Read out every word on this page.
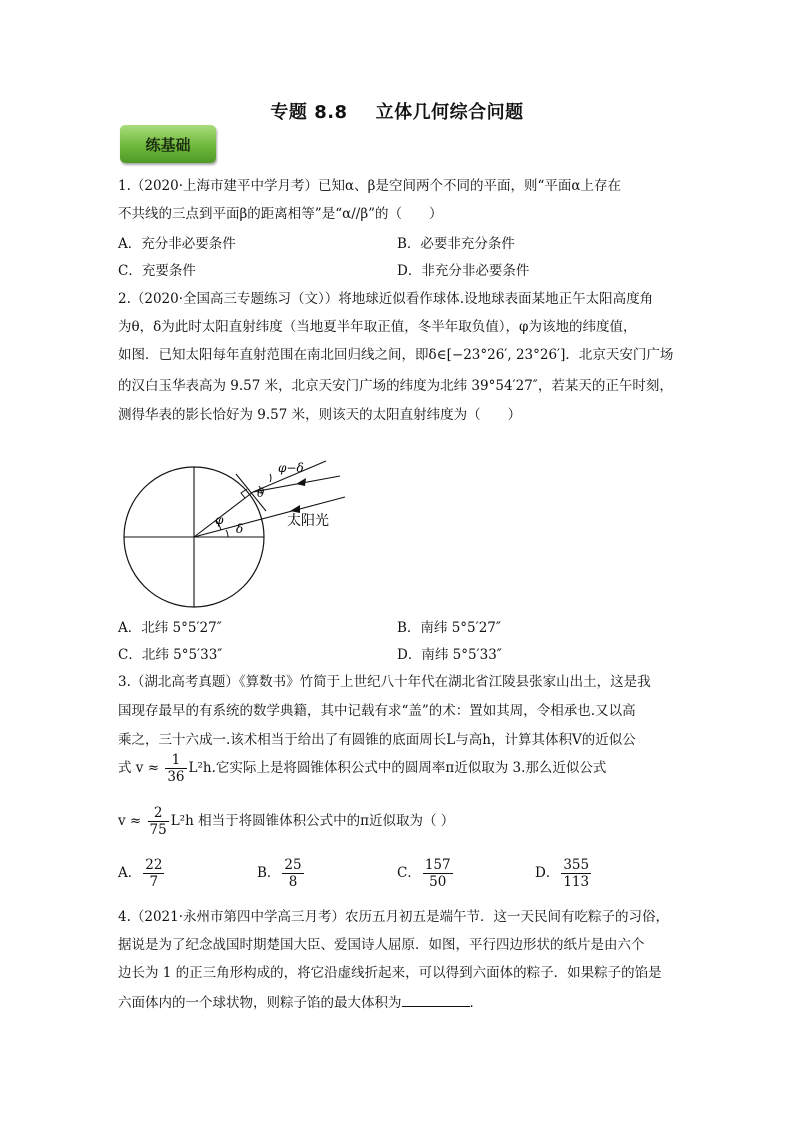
专题 8.8 立体几何综合问题
练基础
1.（2020·上海市建平中学月考）已知α、β是空间两个不同的平面，则“平面α上存在
不共线的三点到平面β的距离相等”是“α//β”的（　　）
A．充分非必要条件	B．必要非充分条件
C．充要条件	D．非充分非必要条件
2.（2020·全国高三专题练习（文））将地球近似看作球体.设地球表面某地正午太阳高度角
为θ，δ为此时太阳直射纬度（当地夏半年取正值，冬半年取负值），φ为该地的纬度值，
如图．已知太阳每年直射范围在南北回归线之间，即δ∈[−23°26′, 23°26′]．北京天安门广场
的汉白玉华表高为 9.57 米，北京天安门广场的纬度为北纬 39°54′27″，若某天的正午时刻，
测得华表的影长恰好为 9.57 米，则该天的太阳直射纬度为（　　）
φ−δ
θ
φ
δ	太阳光
A．北纬 5°5′27″	B．南纬 5°5′27″
C．北纬 5°5′33″	D．南纬 5°5′33″
3.（湖北高考真题）《算数书》竹简于上世纪八十年代在湖北省江陵县张家山出土，这是我
国现存最早的有系统的数学典籍，其中记载有求“盖”的术：置如其周，令相承也.又以高
乘之，三十六成一.该术相当于给出了有圆锥的底面周长L与高h，计算其体积V的近似公
式 $v \approx \frac{1}{36} L^2h$.它实际上是将圆锥体积公式中的圆周率π近似取为 3.那么近似公式
$v \approx \frac{2}{75} L^2h$ 相当于将圆锥体积公式中的π近似取为（ ）
A． $\frac{22}{7}$	B． $\frac{25}{8}$	C． $\frac{157}{50}$	D． $\frac{355}{113}$
4.（2021·永州市第四中学高三月考）农历五月初五是端午节．这一天民间有吃粽子的习俗，
据说是为了纪念战国时期楚国大臣、爱国诗人屈原．如图，平行四边形状的纸片是由六个
边长为 1 的正三角形构成的，将它沿虚线折起来，可以得到六面体的粽子．如果粽子的馅是
六面体内的一个球状物，则粽子馅的最大体积为	．
